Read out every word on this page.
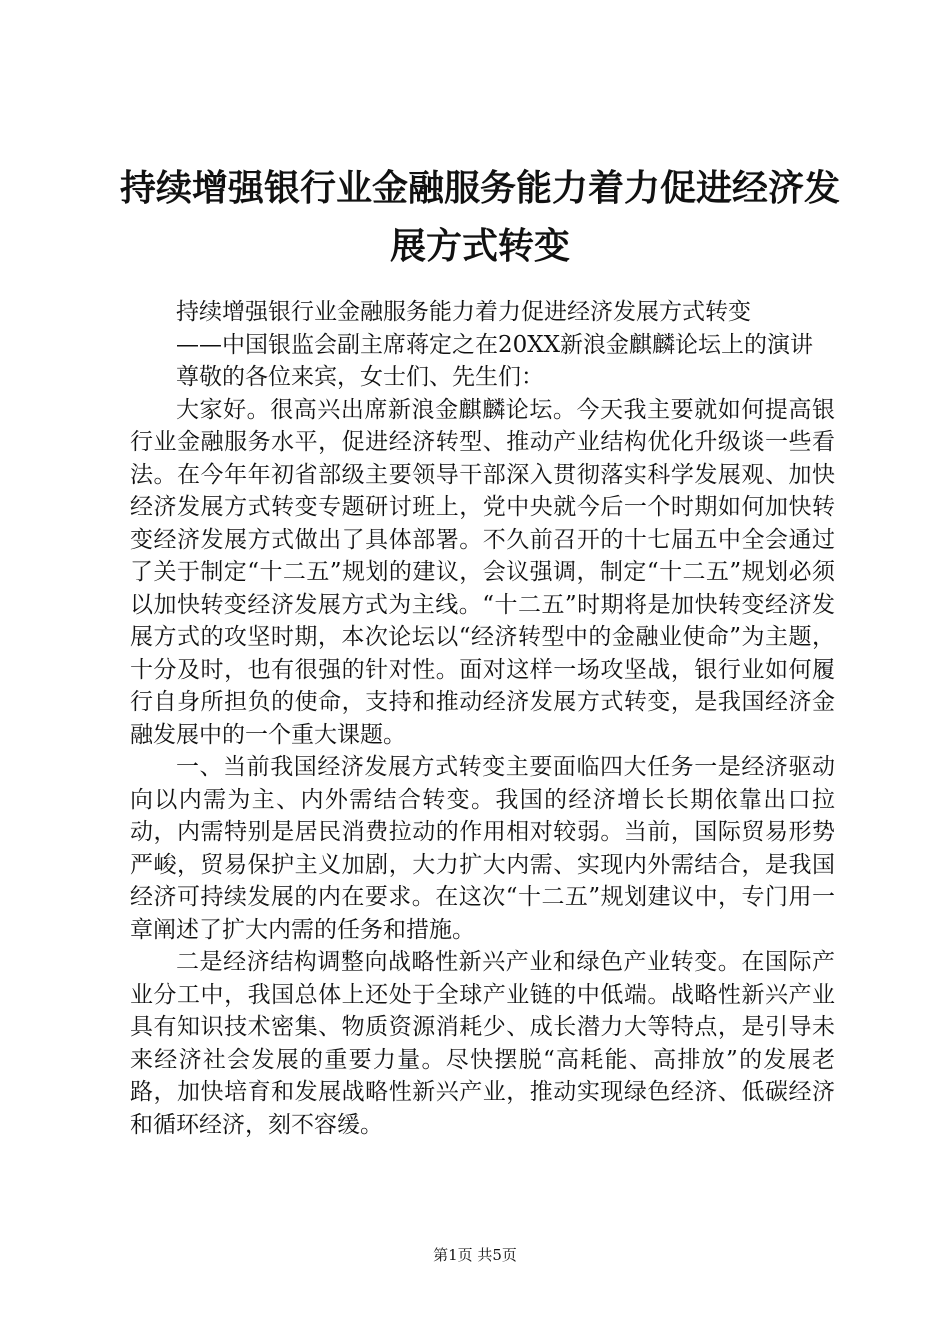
持续增强银行业金融服务能力着力促进经济发展方式转变

持续增强银行业金融服务能力着力促进经济发展方式转变

——中国银监会副主席蒋定之在20XX新浪金麒麟论坛上的演讲

尊敬的各位来宾，女士们、先生们：

大家好。很高兴出席新浪金麒麟论坛。今天我主要就如何提高银行业金融服务水平，促进经济转型、推动产业结构优化升级谈一些看法。在今年年初省部级主要领导干部深入贯彻落实科学发展观、加快经济发展方式转变专题研讨班上，党中央就今后一个时期如何加快转变经济发展方式做出了具体部署。不久前召开的十七届五中全会通过了关于制定“十二五”规划的建议，会议强调，制定“十二五”规划必须以加快转变经济发展方式为主线。“十二五”时期将是加快转变经济发展方式的攻坚时期，本次论坛以“经济转型中的金融业使命”为主题，十分及时，也有很强的针对性。面对这样一场攻坚战，银行业如何履行自身所担负的使命，支持和推动经济发展方式转变，是我国经济金融发展中的一个重大课题。

一、当前我国经济发展方式转变主要面临四大任务一是经济驱动向以内需为主、内外需结合转变。我国的经济增长长期依靠出口拉动，内需特别是居民消费拉动的作用相对较弱。当前，国际贸易形势严峻，贸易保护主义加剧，大力扩大内需、实现内外需结合，是我国经济可持续发展的内在要求。在这次“十二五”规划建议中，专门用一章阐述了扩大内需的任务和措施。

二是经济结构调整向战略性新兴产业和绿色产业转变。在国际产业分工中，我国总体上还处于全球产业链的中低端。战略性新兴产业具有知识技术密集、物质资源消耗少、成长潜力大等特点，是引导未来经济社会发展的重要力量。尽快摆脱“高耗能、高排放”的发展老路，加快培育和发展战略性新兴产业，推动实现绿色经济、低碳经济和循环经济，刻不容缓。

第1页 共5页
